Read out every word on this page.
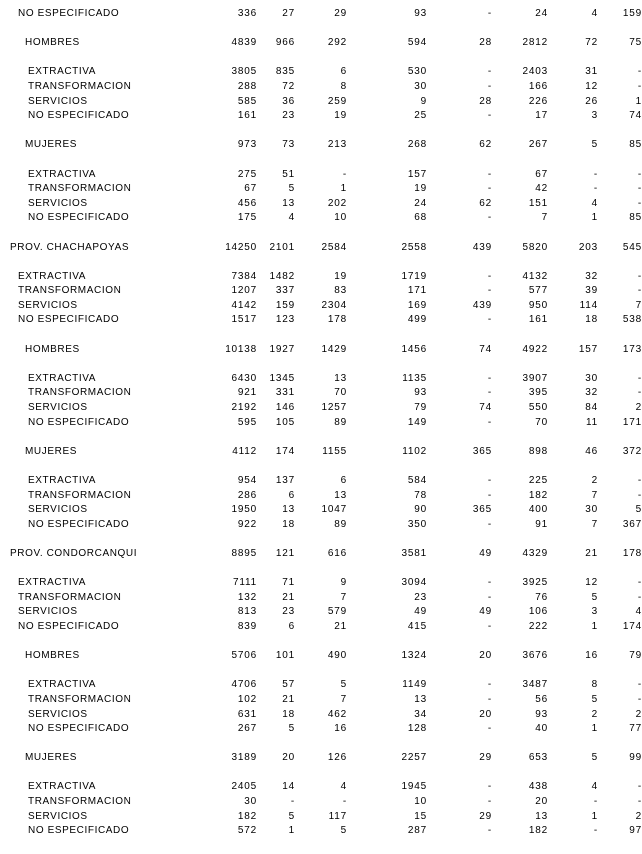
NO ESPECIFICADO	336	27	29	93	-	24	4	159
HOMBRES	4839	966	292	594	28	2812	72	75
EXTRACTIVA	3805	835	6	530	-	2403	31	-
TRANSFORMACION	288	72	8	30	-	166	12	-
SERVICIOS	585	36	259	9	28	226	26	1
NO ESPECIFICADO	161	23	19	25	-	17	3	74
MUJERES	973	73	213	268	62	267	5	85
EXTRACTIVA	275	51	-	157	-	67	-	-
TRANSFORMACION	67	5	1	19	-	42	-	-
SERVICIOS	456	13	202	24	62	151	4	-
NO ESPECIFICADO	175	4	10	68	-	7	1	85
PROV. CHACHAPOYAS	14250	2101	2584	2558	439	5820	203	545
EXTRACTIVA	7384	1482	19	1719	-	4132	32	-
TRANSFORMACION	1207	337	83	171	-	577	39	-
SERVICIOS	4142	159	2304	169	439	950	114	7
NO ESPECIFICADO	1517	123	178	499	-	161	18	538
HOMBRES	10138	1927	1429	1456	74	4922	157	173
EXTRACTIVA	6430	1345	13	1135	-	3907	30	-
TRANSFORMACION	921	331	70	93	-	395	32	-
SERVICIOS	2192	146	1257	79	74	550	84	2
NO ESPECIFICADO	595	105	89	149	-	70	11	171
MUJERES	4112	174	1155	1102	365	898	46	372
EXTRACTIVA	954	137	6	584	-	225	2	-
TRANSFORMACION	286	6	13	78	-	182	7	-
SERVICIOS	1950	13	1047	90	365	400	30	5
NO ESPECIFICADO	922	18	89	350	-	91	7	367
PROV. CONDORCANQUI	8895	121	616	3581	49	4329	21	178
EXTRACTIVA	7111	71	9	3094	-	3925	12	-
TRANSFORMACION	132	21	7	23	-	76	5	-
SERVICIOS	813	23	579	49	49	106	3	4
NO ESPECIFICADO	839	6	21	415	-	222	1	174
HOMBRES	5706	101	490	1324	20	3676	16	79
EXTRACTIVA	4706	57	5	1149	-	3487	8	-
TRANSFORMACION	102	21	7	13	-	56	5	-
SERVICIOS	631	18	462	34	20	93	2	2
NO ESPECIFICADO	267	5	16	128	-	40	1	77
MUJERES	3189	20	126	2257	29	653	5	99
EXTRACTIVA	2405	14	4	1945	-	438	4	-
TRANSFORMACION	30	-	-	10	-	20	-	-
SERVICIOS	182	5	117	15	29	13	1	2
NO ESPECIFICADO	572	1	5	287	-	182	-	97
